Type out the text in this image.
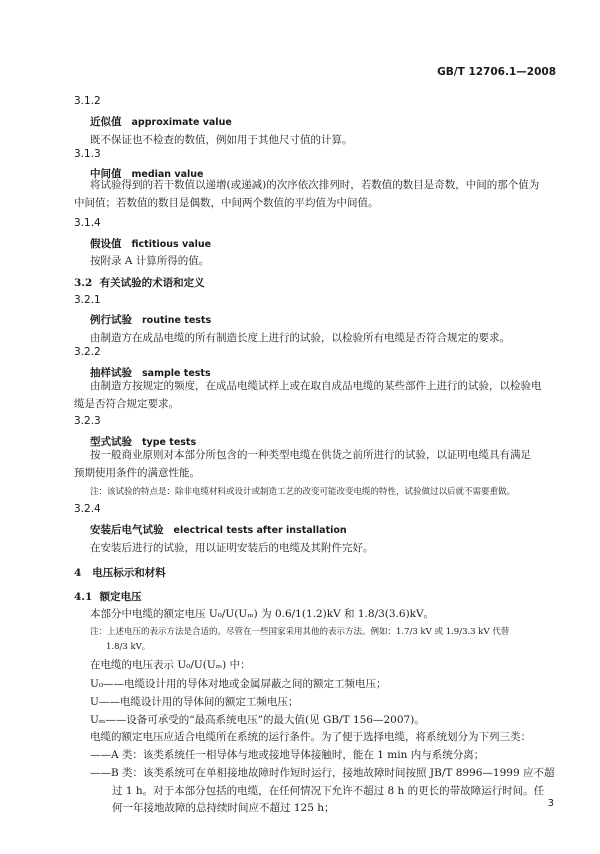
GB/T 12706.1—2008
3.1.2
近似值 approximate value
既不保证也不检查的数值，例如用于其他尺寸值的计算。
3.1.3
中间值 median value
将试验得到的若干数值以递增(或递减)的次序依次排列时，若数值的数目是奇数，中间的那个值为
中间值；若数值的数目是偶数，中间两个数值的平均值为中间值。
3.1.4
假设值 fictitious value
按附录 A 计算所得的值。
3.2 有关试验的术语和定义
3.2.1
例行试验 routine tests
由制造方在成品电缆的所有制造长度上进行的试验，以检验所有电缆是否符合规定的要求。
3.2.2
抽样试验 sample tests
由制造方按规定的频度，在成品电缆试样上或在取自成品电缆的某些部件上进行的试验，以检验电
缆是否符合规定要求。
3.2.3
型式试验 type tests
按一般商业原则对本部分所包含的一种类型电缆在供货之前所进行的试验，以证明电缆具有满足
预期使用条件的满意性能。
注：该试验的特点是：除非电缆材料或设计或制造工艺的改变可能改变电缆的特性，试验做过以后就不需要重做。
3.2.4
安装后电气试验 electrical tests after installation
在安装后进行的试验，用以证明安装后的电缆及其附件完好。
4 电压标示和材料
4.1 额定电压
本部分中电缆的额定电压 U₀/U(Uₘ) 为 0.6/1(1.2)kV 和 1.8/3(3.6)kV。
注：上述电压的表示方法是合适的。尽管在一些国家采用其他的表示方法。例如：1.7/3 kV 或 1.9/3.3 kV 代替
1.8/3 kV。
在电缆的电压表示 U₀/U(Uₘ) 中：
U₀——电缆设计用的导体对地或金属屏蔽之间的额定工频电压；
U——电缆设计用的导体间的额定工频电压；
Uₘ——设备可承受的“最高系统电压”的最大值(见 GB/T 156—2007)。
电缆的额定电压应适合电缆所在系统的运行条件。为了便于选择电缆，将系统划分为下列三类：
——A 类：该类系统任一相导体与地或接地导体接触时，能在 1 min 内与系统分离；
——B 类：该类系统可在单相接地故障时作短时运行，接地故障时间按照 JB/T 8996—1999 应不超
过 1 h。对于本部分包括的电缆，在任何情况下允许不超过 8 h 的更长的带故障运行时间。任
何一年接地故障的总持续时间应不超过 125 h；	3
